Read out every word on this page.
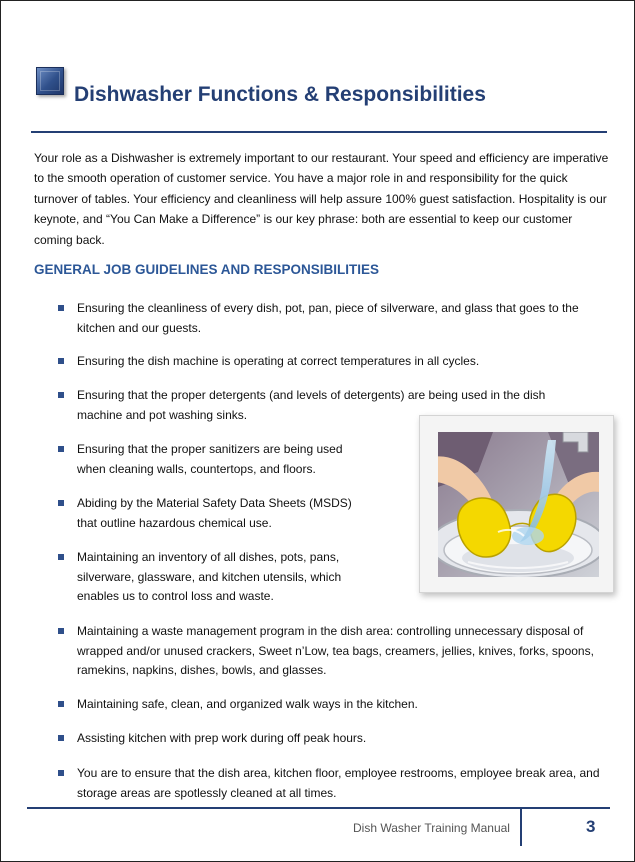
Dishwasher Functions & Responsibilities

Your role as a Dishwasher is extremely important to our restaurant. Your speed and efficiency are imperative to the smooth operation of customer service. You have a major role in and responsibility for the quick turnover of tables. Your efficiency and cleanliness will help assure 100% guest satisfaction. Hospitality is our keynote, and “You Can Make a Difference” is our key phrase: both are essential to keep our customer coming back.

GENERAL JOB GUIDELINES AND RESPONSIBILITIES
Ensuring the cleanliness of every dish, pot, pan, piece of silverware, and glass that goes to the kitchen and our guests.
Ensuring the dish machine is operating at correct temperatures in all cycles.
Ensuring that the proper detergents (and levels of detergents) are being used in the dish machine and pot washing sinks.
Ensuring that the proper sanitizers are being used when cleaning walls, countertops, and floors.
Abiding by the Material Safety Data Sheets (MSDS) that outline hazardous chemical use.
Maintaining an inventory of all dishes, pots, pans, silverware, glassware, and kitchen utensils, which enables us to control loss and waste.
Maintaining a waste management program in the dish area: controlling unnecessary disposal of wrapped and/or unused crackers, Sweet n’Low, tea bags, creamers, jellies, knives, forks, spoons, ramekins, napkins, dishes, bowls, and glasses.
Maintaining safe, clean, and organized walk ways in the kitchen.
Assisting kitchen with prep work during off peak hours.
You are to ensure that the dish area, kitchen floor, employee restrooms, employee break area, and storage areas are spotlessly cleaned at all times.
Dish Washer Training Manual	3
